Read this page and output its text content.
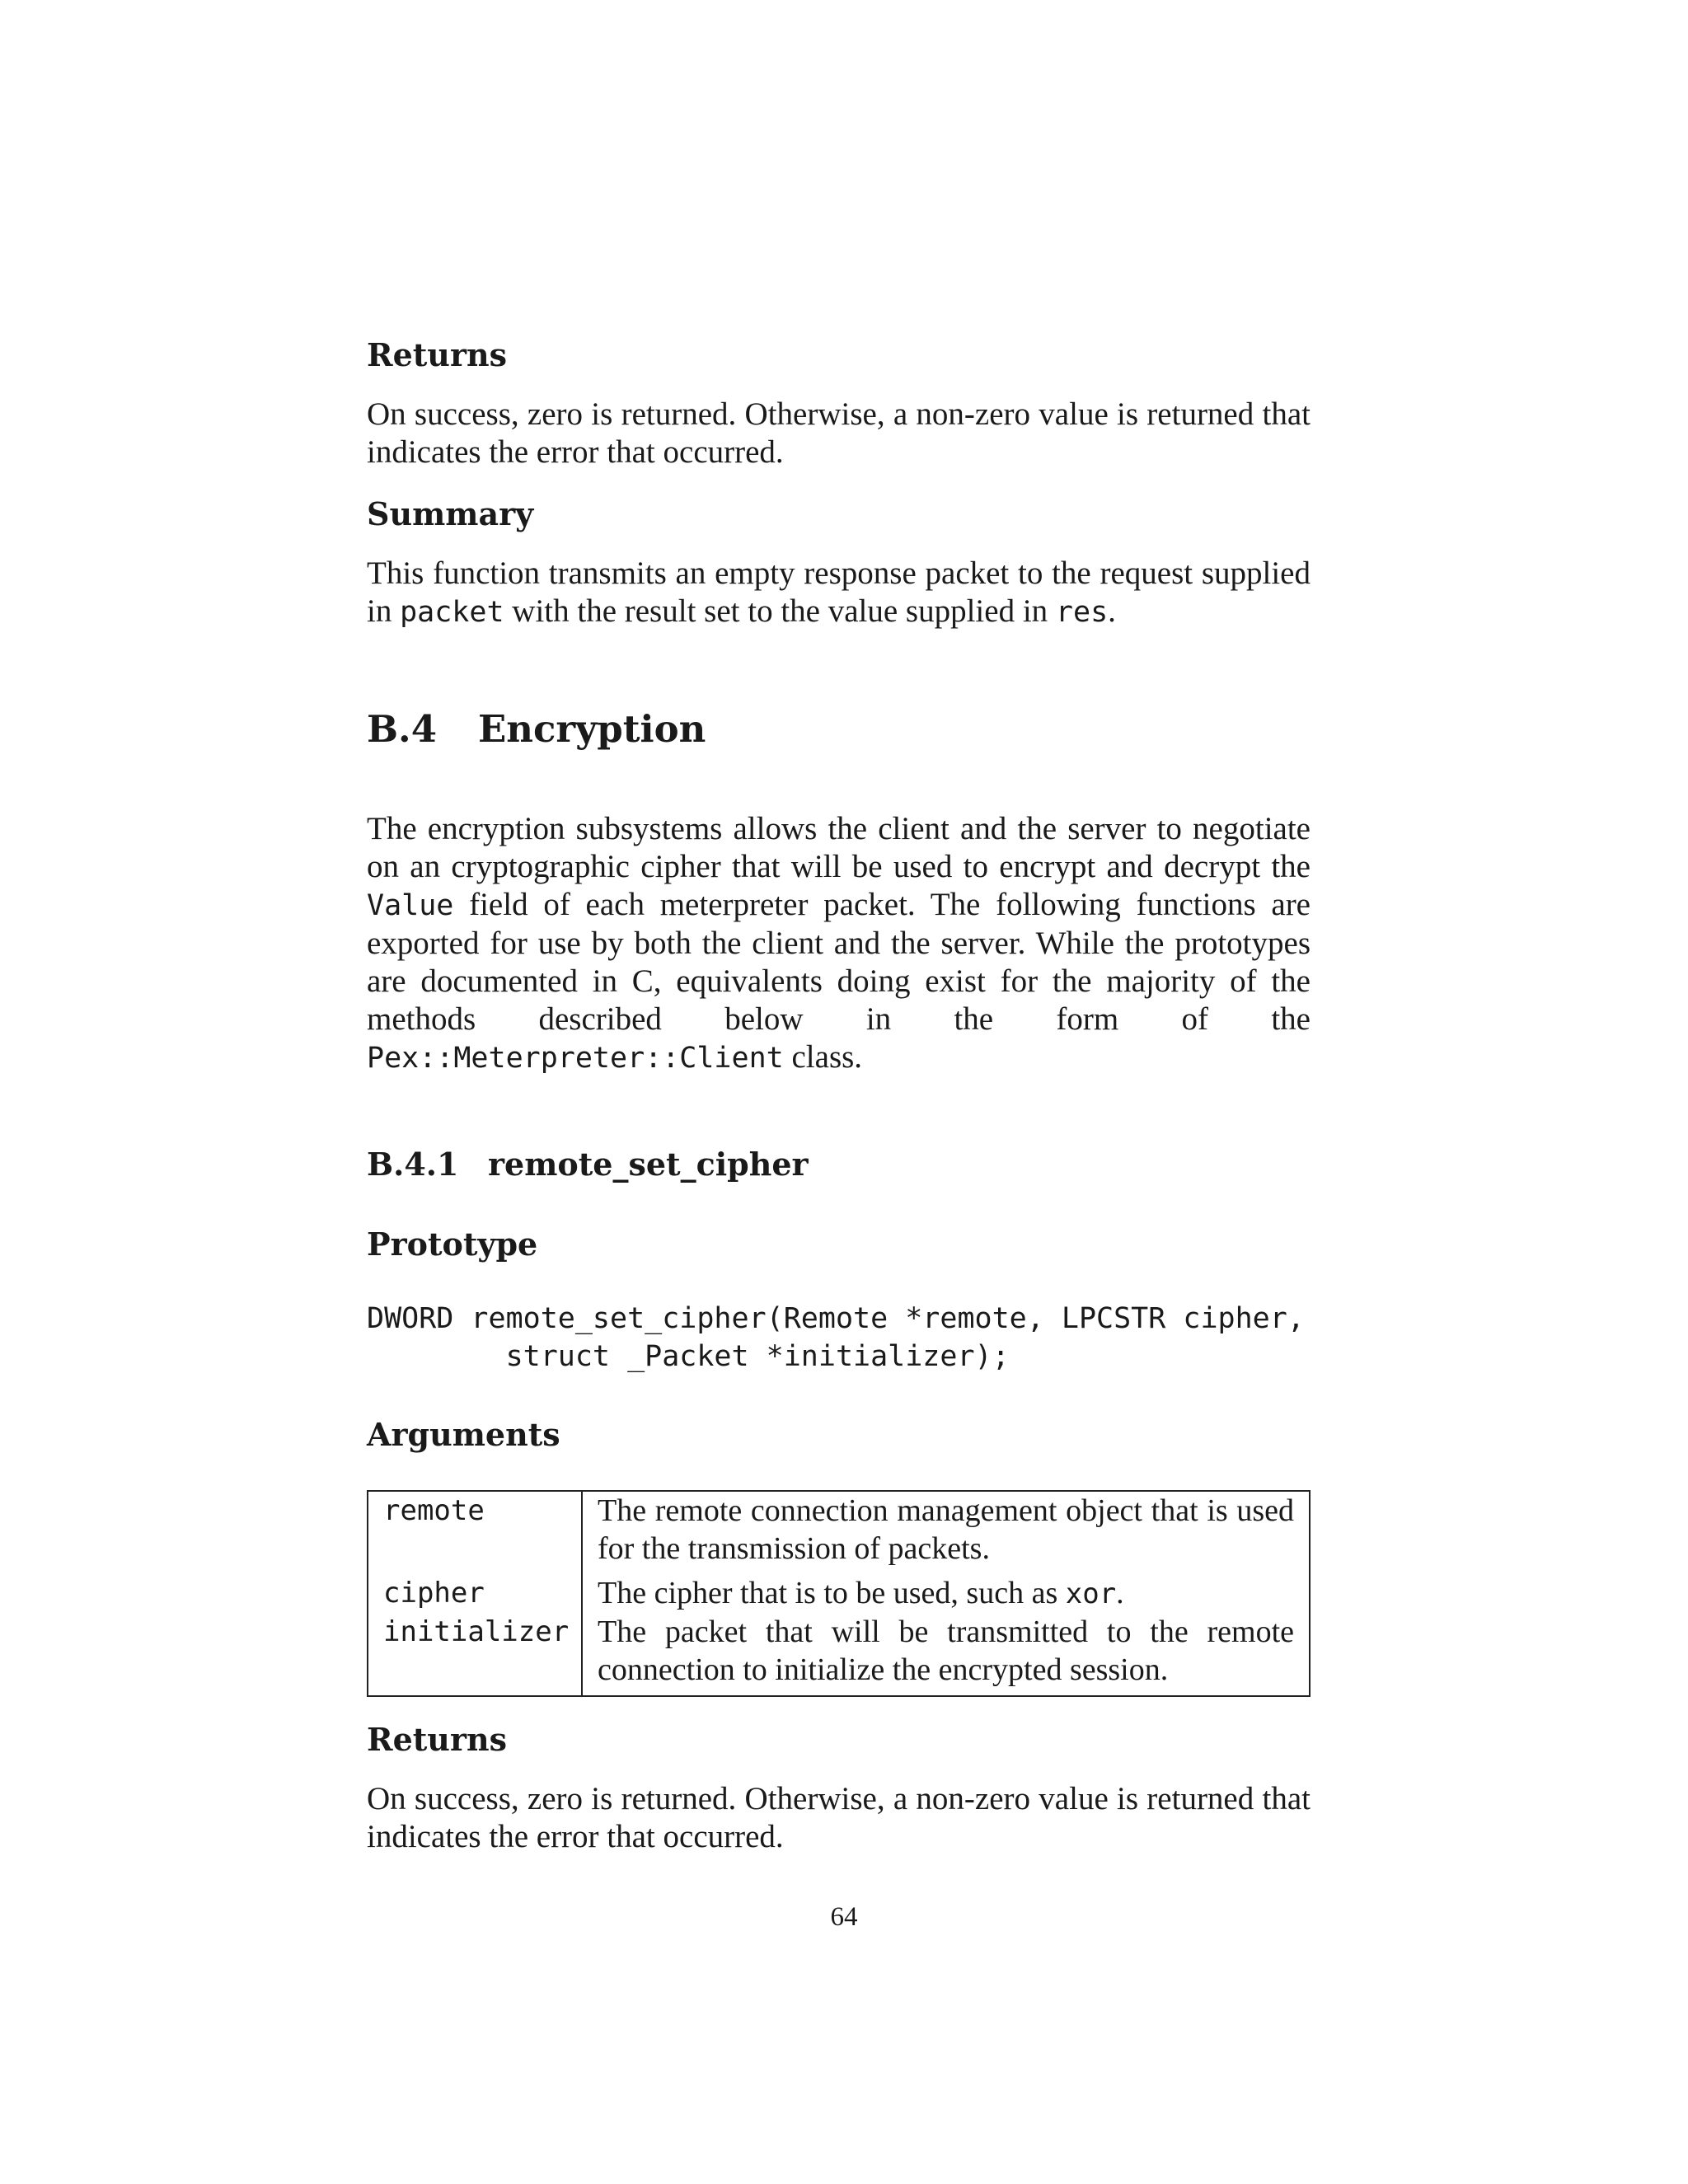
Returns

On success, zero is returned. Otherwise, a non-zero value is returned that indicates the error that occurred.

Summary

This function transmits an empty response packet to the request supplied in packet with the result set to the value supplied in res.

B.4 Encryption

The encryption subsystems allows the client and the server to negotiate on an cryptographic cipher that will be used to encrypt and decrypt the Value field of each meterpreter packet. The following functions are exported for use by both the client and the server. While the prototypes are documented in C, equivalents doing exist for the majority of the methods described below in the form of the Pex::Meterpreter::Client class.

B.4.1 remote_set_cipher
Prototype
DWORD remote_set_cipher(Remote *remote, LPCSTR cipher,
struct _Packet *initializer);
Arguments
remote	The remote connection management object that is used for the transmission of packets.
cipher	The cipher that is to be used, such as xor.
initializer	The packet that will be transmitted to the remote connection to initialize the encrypted session.
Returns

On success, zero is returned. Otherwise, a non-zero value is returned that indicates the error that occurred.

64
